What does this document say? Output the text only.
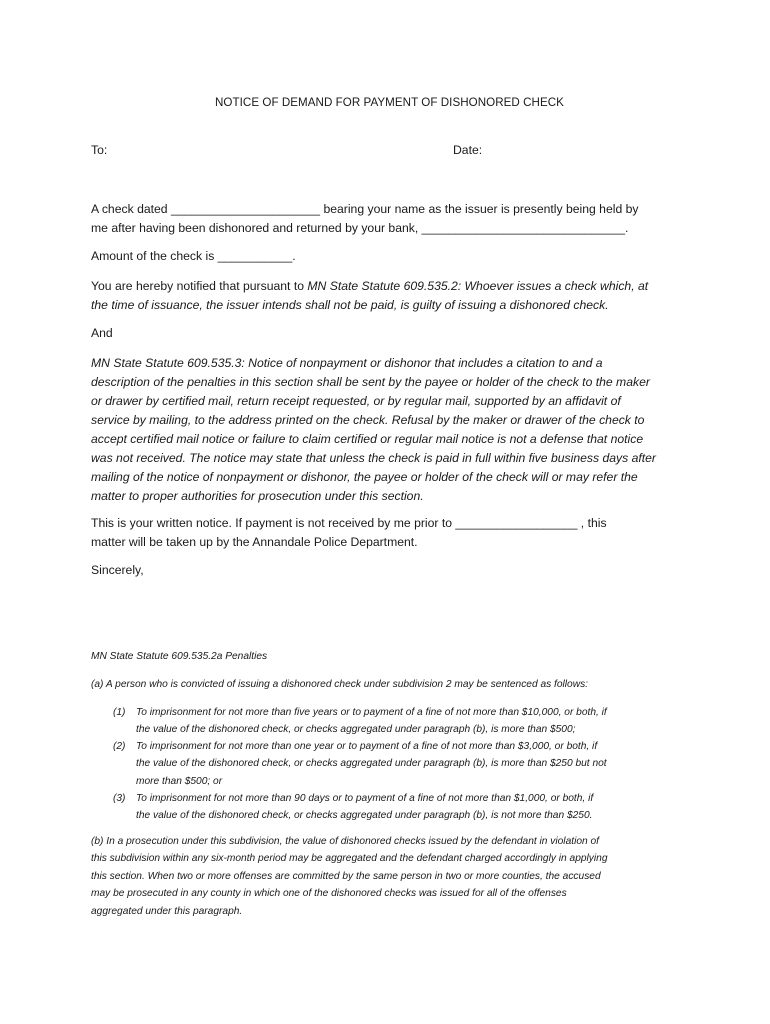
NOTICE OF DEMAND FOR PAYMENT OF DISHONORED CHECK
To:	Date:
A check dated ______________________ bearing your name as the issuer is presently being held by
me after having been dishonored and returned by your bank, ______________________________.
Amount of the check is ___________.
You are hereby notified that pursuant to MN State Statute 609.535.2: Whoever issues a check which, at
the time of issuance, the issuer intends shall not be paid, is guilty of issuing a dishonored check.
And
MN State Statute 609.535.3: Notice of nonpayment or dishonor that includes a citation to and a
description of the penalties in this section shall be sent by the payee or holder of the check to the maker
or drawer by certified mail, return receipt requested, or by regular mail, supported by an affidavit of
service by mailing, to the address printed on the check. Refusal by the maker or drawer of the check to
accept certified mail notice or failure to claim certified or regular mail notice is not a defense that notice
was not received. The notice may state that unless the check is paid in full within five business days after
mailing of the notice of nonpayment or dishonor, the payee or holder of the check will or may refer the
matter to proper authorities for prosecution under this section.
This is your written notice. If payment is not received by me prior to __________________ , this
matter will be taken up by the Annandale Police Department.
Sincerely,
MN State Statute 609.535.2a Penalties
(a) A person who is convicted of issuing a dishonored check under subdivision 2 may be sentenced as follows:
(1) To imprisonment for not more than five years or to payment of a fine of not more than $10,000, or both, if
the value of the dishonored check, or checks aggregated under paragraph (b), is more than $500;
(2) To imprisonment for not more than one year or to payment of a fine of not more than $3,000, or both, if
the value of the dishonored check, or checks aggregated under paragraph (b), is more than $250 but not
more than $500; or
(3) To imprisonment for not more than 90 days or to payment of a fine of not more than $1,000, or both, if
the value of the dishonored check, or checks aggregated under paragraph (b), is not more than $250.
(b) In a prosecution under this subdivision, the value of dishonored checks issued by the defendant in violation of
this subdivision within any six-month period may be aggregated and the defendant charged accordingly in applying
this section. When two or more offenses are committed by the same person in two or more counties, the accused
may be prosecuted in any county in which one of the dishonored checks was issued for all of the offenses
aggregated under this paragraph.
